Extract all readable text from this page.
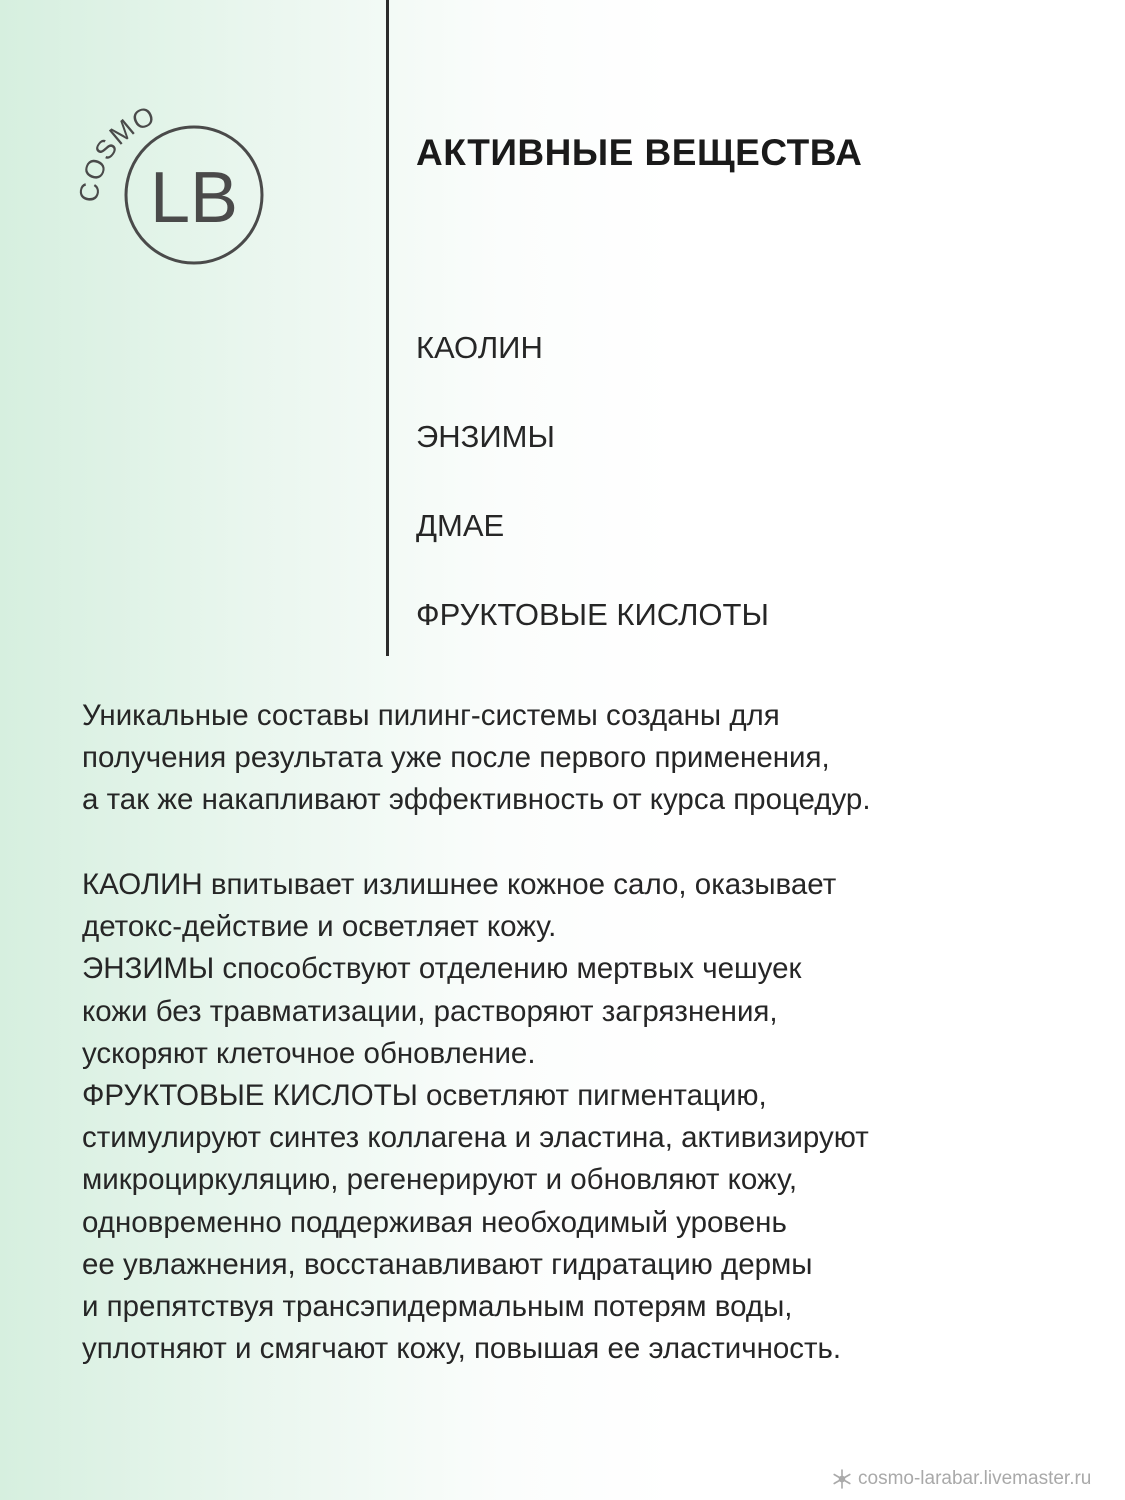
COSMO
LB
АКТИВНЫЕ ВЕЩЕСТВА
КАОЛИН
ЭНЗИМЫ
ДМАЕ
ФРУКТОВЫЕ КИСЛОТЫ

Уникальные составы пилинг-системы созданы для
получения результата уже после первого применения,
а так же накапливают эффективность от курса процедур.

КАОЛИН впитывает излишнее кожное сало, оказывает
детокс-действие и осветляет кожу.
ЭНЗИМЫ способствуют отделению мертвых чешуек
кожи без травматизации, растворяют загрязнения,
ускоряют клеточное обновление.
ФРУКТОВЫЕ КИСЛОТЫ осветляют пигментацию,
стимулируют синтез коллагена и эластина, активизируют
микроциркуляцию, регенерируют и обновляют кожу,
одновременно поддерживая необходимый уровень
ее увлажнения, восстанавливают гидратацию дермы
и препятствуя трансэпидермальным потерям воды,
уплотняют и смягчают кожу, повышая ее эластичность.

cosmo-larabar.livemaster.ru
